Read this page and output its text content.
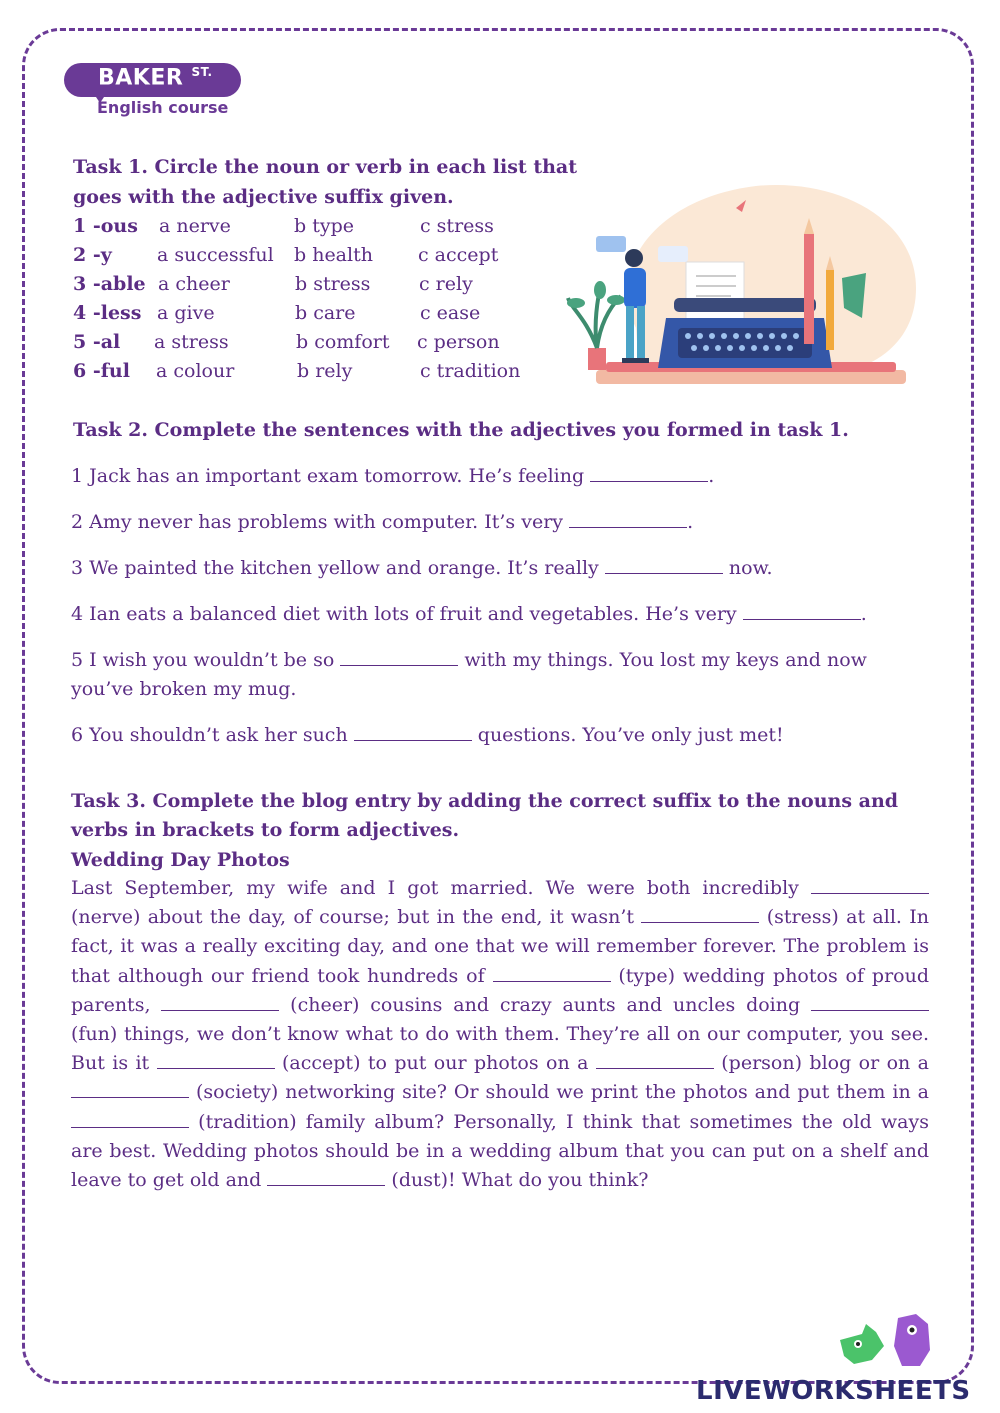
BAKER $^{ST.}$
English course
Task 1. Circle the noun or verb in each list that
goes with the adjective suffix given.
1 -ous a nerve	b type	c stress
2 -y a successful b health c accept
3 -able a cheer	b stress	c rely
4 -less a give	b care	c ease
5 -al a stress	b comfort c person
6 -ful a colour	b rely	c tradition
Task 2. Complete the sentences with the adjectives you formed in task 1.
1 Jack has an important exam tomorrow. He’s feeling	.
2 Amy never has problems with computer. It’s very	.
3 We painted the kitchen yellow and orange. It’s really	now.
4 Ian eats a balanced diet with lots of fruit and vegetables. He’s very	.
5 I wish you wouldn’t be so	with my things. You lost my keys and now
you’ve broken my mug.
6 You shouldn’t ask her such	questions. You’ve only just met!
Task 3. Complete the blog entry by adding the correct suffix to the nouns and verbs in brackets to form adjectives.
Wedding Day Photos
Last September, my wife and I got married. We were both incredibly  (nerve) about the day, of course; but in the end, it wasn’t	(stress) at all. In fact, it was a really exciting day, and one that we will remember forever. The problem is that although our friend took hundreds of	(type) wedding photos of proud parents,	(cheer) cousins and crazy aunts and uncles doing  (fun) things, we don’t know what to do with them. They’re all on our computer, you see. But is it	(accept) to put our photos on a	(person) blog or on a  (society) networking site? Or should we print the photos and put them in a  (tradition) family album? Personally, I think that sometimes the old ways are best. Wedding photos should be in a wedding album that you can put on a shelf and leave to get old and	(dust)! What do you think?
LIVEWORKSHEETS
